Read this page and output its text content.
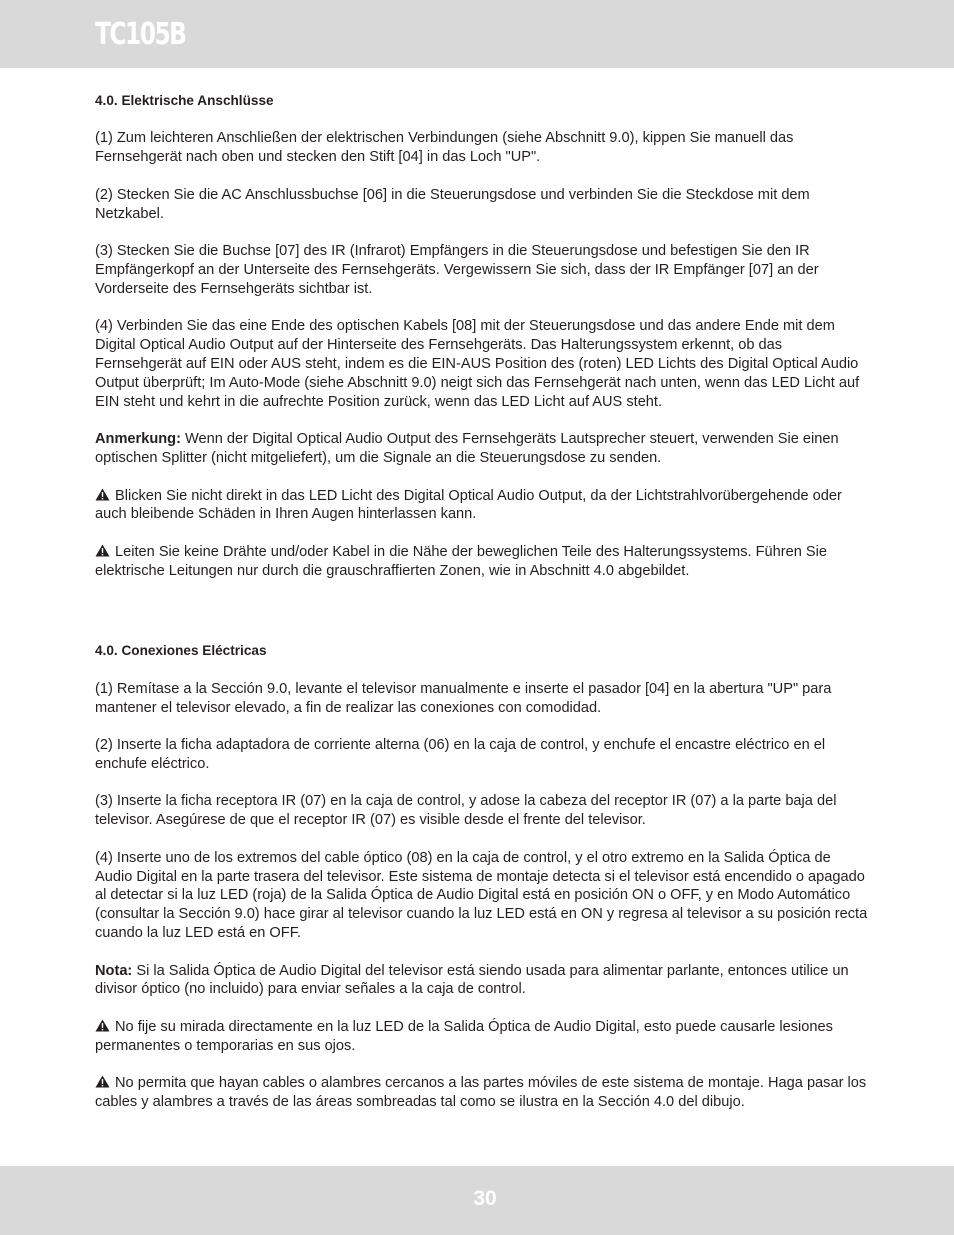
TC105B
4.0. Elektrische Anschlüsse

(1) Zum leichteren Anschließen der elektrischen Verbindungen (siehe Abschnitt 9.0), kippen Sie manuell das Fernsehgerät nach oben und stecken den Stift [04] in das Loch "UP".

(2) Stecken Sie die AC Anschlussbuchse [06] in die Steuerungsdose und verbinden Sie die Steckdose mit dem Netzkabel.

(3) Stecken Sie die Buchse [07] des IR (Infrarot) Empfängers in die Steuerungsdose und befestigen Sie den IR Empfängerkopf an der Unterseite des Fernsehgeräts. Vergewissern Sie sich, dass der IR Empfänger [07] an der Vorderseite des Fernsehgeräts sichtbar ist.

(4) Verbinden Sie das eine Ende des optischen Kabels [08] mit der Steuerungsdose und das andere Ende mit dem Digital Optical Audio Output auf der Hinterseite des Fernsehgeräts. Das Halterungssystem erkennt, ob das Fernsehgerät auf EIN oder AUS steht, indem es die EIN-AUS Position des (roten) LED Lichts des Digital Optical Audio Output überprüft; Im Auto-Mode (siehe Abschnitt 9.0) neigt sich das Fernsehgerät nach unten, wenn das LED Licht auf EIN steht und kehrt in die aufrechte Position zurück, wenn das LED Licht auf AUS steht.

Anmerkung: Wenn der Digital Optical Audio Output des Fernsehgeräts Lautsprecher steuert, verwenden Sie einen optischen Splitter (nicht mitgeliefert), um die Signale an die Steuerungsdose zu senden.

Blicken Sie nicht direkt in das LED Licht des Digital Optical Audio Output, da der Lichtstrahlvorübergehende oder auch bleibende Schäden in Ihren Augen hinterlassen kann.

Leiten Sie keine Drähte und/oder Kabel in die Nähe der beweglichen Teile des Halterungssystems. Führen Sie elektrische Leitungen nur durch die grauschraffierten Zonen, wie in Abschnitt 4.0 abgebildet.

4.0. Conexiones Eléctricas

(1) Remítase a la Sección 9.0, levante el televisor manualmente e inserte el pasador [04] en la abertura "UP" para mantener el televisor elevado, a fin de realizar las conexiones con comodidad.

(2) Inserte la ficha adaptadora de corriente alterna (06) en la caja de control, y enchufe el encastre eléctrico en el enchufe eléctrico.

(3) Inserte la ficha receptora IR (07) en la caja de control, y adose la cabeza del receptor IR (07) a la parte baja del televisor. Asegúrese de que el receptor IR (07) es visible desde el frente del televisor.

(4) Inserte uno de los extremos del cable óptico (08) en la caja de control, y el otro extremo en la Salida Óptica de Audio Digital en la parte trasera del televisor. Este sistema de montaje detecta si el televisor está encendido o apagado al detectar si la luz LED (roja) de la Salida Óptica de Audio Digital está en posición ON o OFF, y en Modo Automático (consultar la Sección 9.0) hace girar al televisor cuando la luz LED está en ON y regresa al televisor a su posición recta cuando la luz LED está en OFF.

Nota: Si la Salida Óptica de Audio Digital del televisor está siendo usada para alimentar parlante, entonces utilice un divisor óptico (no incluido) para enviar señales a la caja de control.

No fije su mirada directamente en la luz LED de la Salida Óptica de Audio Digital, esto puede causarle lesiones permanentes o temporarias en sus ojos.

No permita que hayan cables o alambres cercanos a las partes móviles de este sistema de montaje. Haga pasar los cables y alambres a través de las áreas sombreadas tal como se ilustra en la Sección 4.0 del dibujo.

30
